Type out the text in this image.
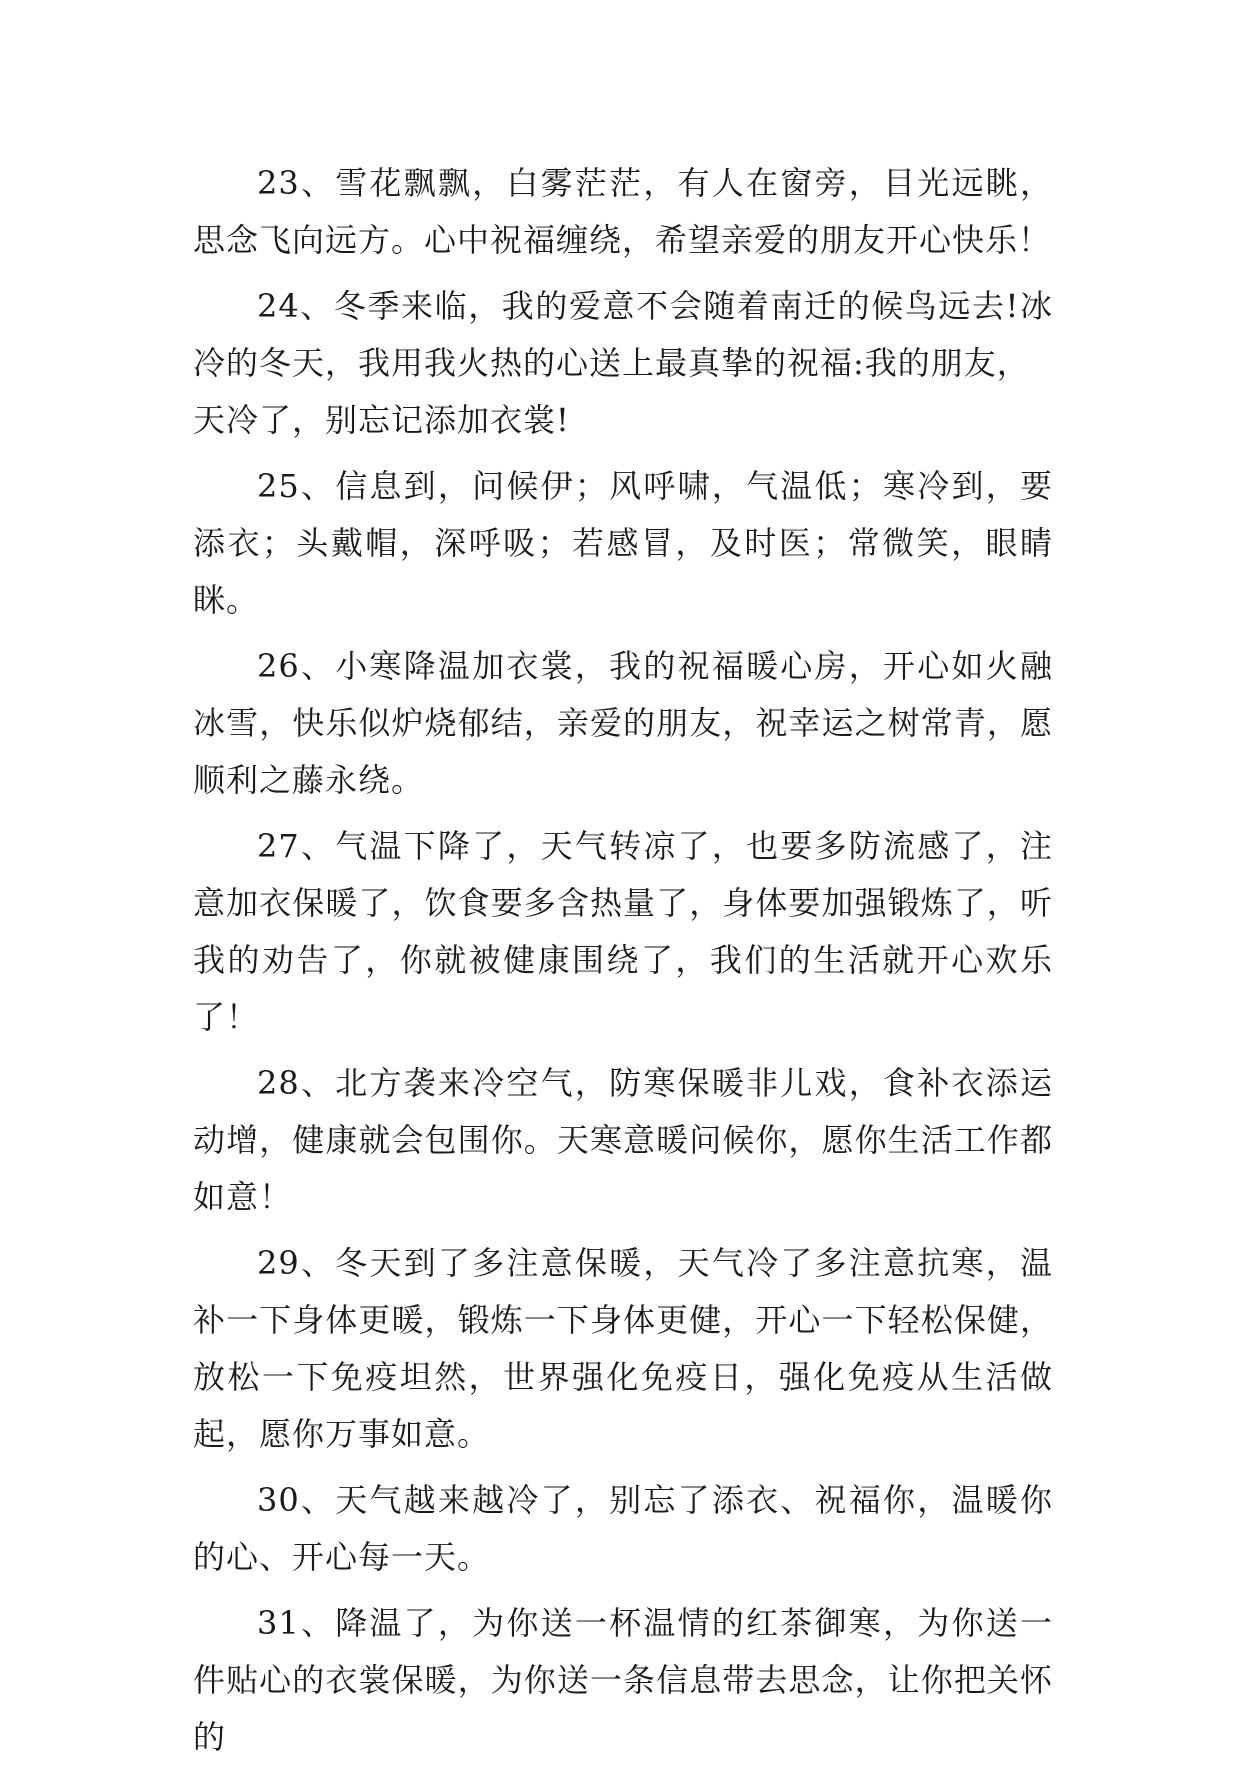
23、雪花飘飘，白雾茫茫，有人在窗旁，目光远眺，思念飞向远方。心中祝福缠绕，希望亲爱的朋友开心快乐！

24、冬季来临，我的爱意不会随着南迁的候鸟远去!冰冷的冬天，我用我火热的心送上最真挚的祝福:我的朋友，
天冷了，别忘记添加衣裳!

25、信息到，问候伊；风呼啸，气温低；寒冷到，要添衣；头戴帽，深呼吸；若感冒，及时医；常微笑，眼睛眯。

26、小寒降温加衣裳，我的祝福暖心房，开心如火融冰雪，快乐似炉烧郁结，亲爱的朋友，祝幸运之树常青，愿顺利之藤永绕。

27、气温下降了，天气转凉了，也要多防流感了，注意加衣保暖了，饮食要多含热量了，身体要加强锻炼了，听我的劝告了，你就被健康围绕了，我们的生活就开心欢乐了！

28、北方袭来冷空气，防寒保暖非儿戏，食补衣添运动增，健康就会包围你。天寒意暖问候你，愿你生活工作都如意！

29、冬天到了多注意保暖，天气冷了多注意抗寒，温补一下身体更暖，锻炼一下身体更健，开心一下轻松保健，放松一下免疫坦然，世界强化免疫日，强化免疫从生活做起，愿你万事如意。

30、天气越来越冷了，别忘了添衣、祝福你，温暖你的心、开心每一天。

31、降温了，为你送一杯温情的红茶御寒，为你送一件贴心的衣裳保暖，为你送一条信息带去思念，让你把关怀的
